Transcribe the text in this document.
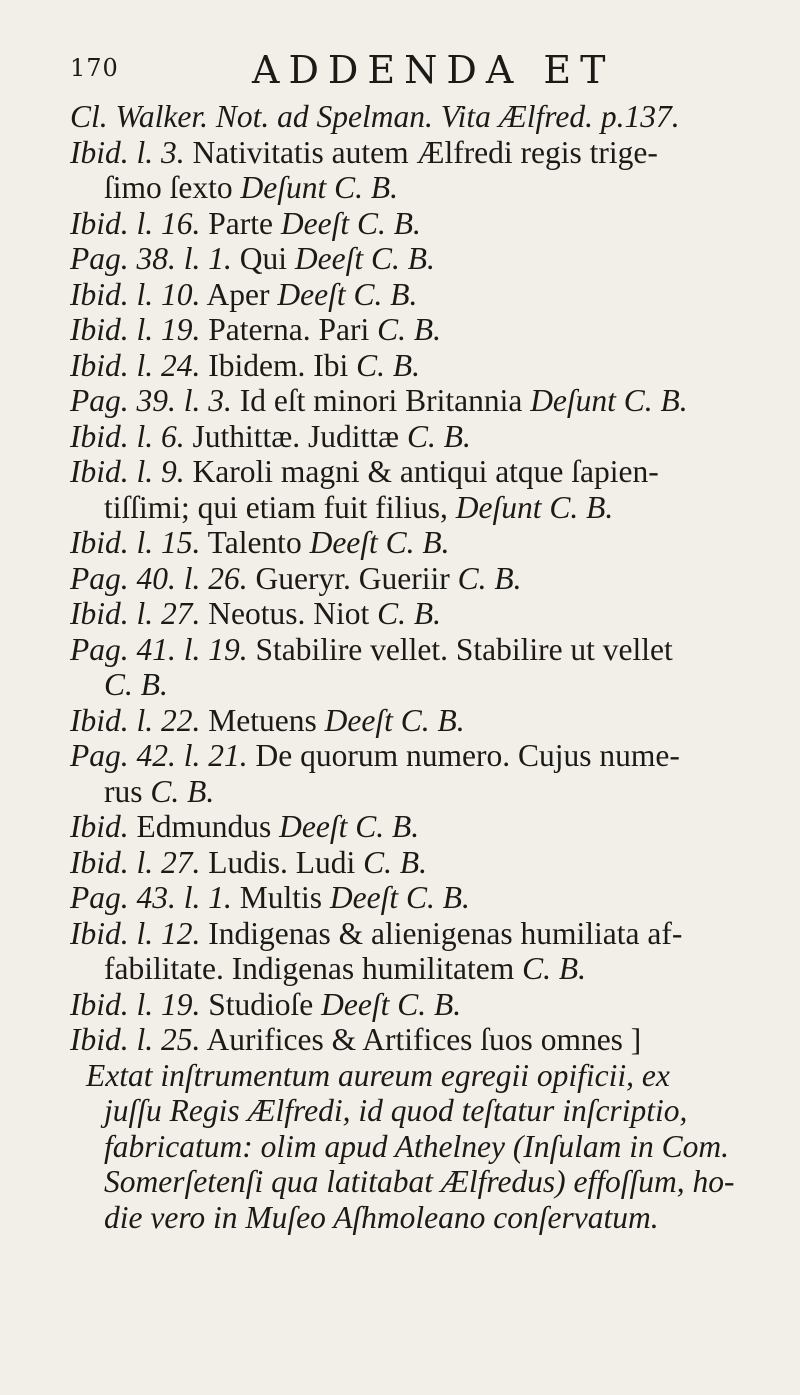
170	ADDENDA ET
Cl. Walker. Not. ad Spelman. Vita Ælfred. p.137.
Ibid. l. 3. Nativitatis autem Ælfredi regis trige-
ſimo ſexto Deſunt C. B.
Ibid. l. 16. Parte Deeſt C. B.
Pag. 38. l. 1. Qui Deeſt C. B.
Ibid. l. 10. Aper Deeſt C. B.
Ibid. l. 19. Paterna. Pari C. B.
Ibid. l. 24. Ibidem. Ibi C. B.
Pag. 39. l. 3. Id eſt minori Britannia Deſunt C. B.
Ibid. l. 6. Juthittæ. Judittæ C. B.
Ibid. l. 9. Karoli magni & antiqui atque ſapien-
tiſſimi; qui etiam fuit filius, Deſunt C. B.
Ibid. l. 15. Talento Deeſt C. B.
Pag. 40. l. 26. Gueryr. Gueriir C. B.
Ibid. l. 27. Neotus. Niot C. B.
Pag. 41. l. 19. Stabilire vellet. Stabilire ut vellet
C. B.
Ibid. l. 22. Metuens Deeſt C. B.
Pag. 42. l. 21. De quorum numero. Cujus nume-
rus C. B.
Ibid. Edmundus Deeſt C. B.
Ibid. l. 27. Ludis. Ludi C. B.
Pag. 43. l. 1. Multis Deeſt C. B.
Ibid. l. 12. Indigenas & alienigenas humiliata af-
fabilitate. Indigenas humilitatem C. B.
Ibid. l. 19. Studioſe Deeſt C. B.
Ibid. l. 25. Aurifices & Artifices ſuos omnes ]
Extat inſtrumentum aureum egregii opificii, ex
juſſu Regis Ælfredi, id quod teſtatur inſcriptio,
fabricatum: olim apud Athelney (Inſulam in Com.
Somerſetenſi qua latitabat Ælfredus) effoſſum, ho-
die vero in Muſeo Aſhmoleano conſervatum.
